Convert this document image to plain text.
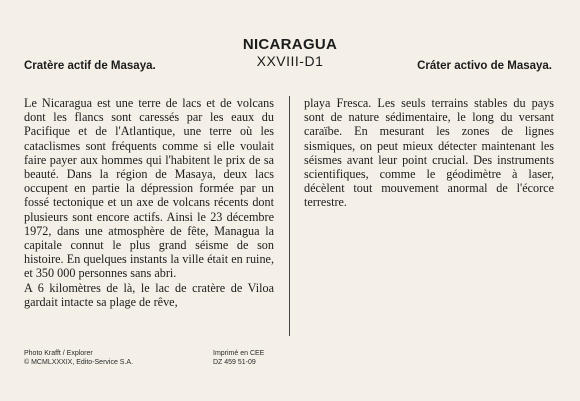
NICARAGUA
XXVIII-D1
Cratère actif de Masaya.	Cráter activo de Masaya.

Le Nicaragua est une terre de lacs et de volcans dont les flancs sont caressés par les eaux du Pacifique et de l'Atlantique, une terre où les cataclismes sont fréquents comme si elle voulait faire payer aux hommes qui l'habitent le prix de sa beauté. Dans la région de Masaya, deux lacs occupent en partie la dépression formée par un fossé tectonique et un axe de volcans récents dont plusieurs sont encore actifs. Ainsi le 23 décembre 1972, dans une atmosphère de fête, Managua la capitale connut le plus grand séisme de son histoire. En quelques instants la ville était en ruine, et 350 000 personnes sans abri.

A 6 kilomètres de là, le lac de cratère de Viloa gardait intacte sa plage de rêve,

playa Fresca. Les seuls terrains stables du pays sont de nature sédimentaire, le long du versant caraïbe. En mesurant les zones de lignes sismiques, on peut mieux détecter maintenant les séismes avant leur point crucial. Des instruments scientifiques, comme le géodimètre à laser, décèlent tout mouvement anormal de l'écorce terrestre.

Photo Krafft / Explorer
© MCMLXXXIX, Edito-Service S.A.
Imprimé en CEE
DZ 459 51-09
